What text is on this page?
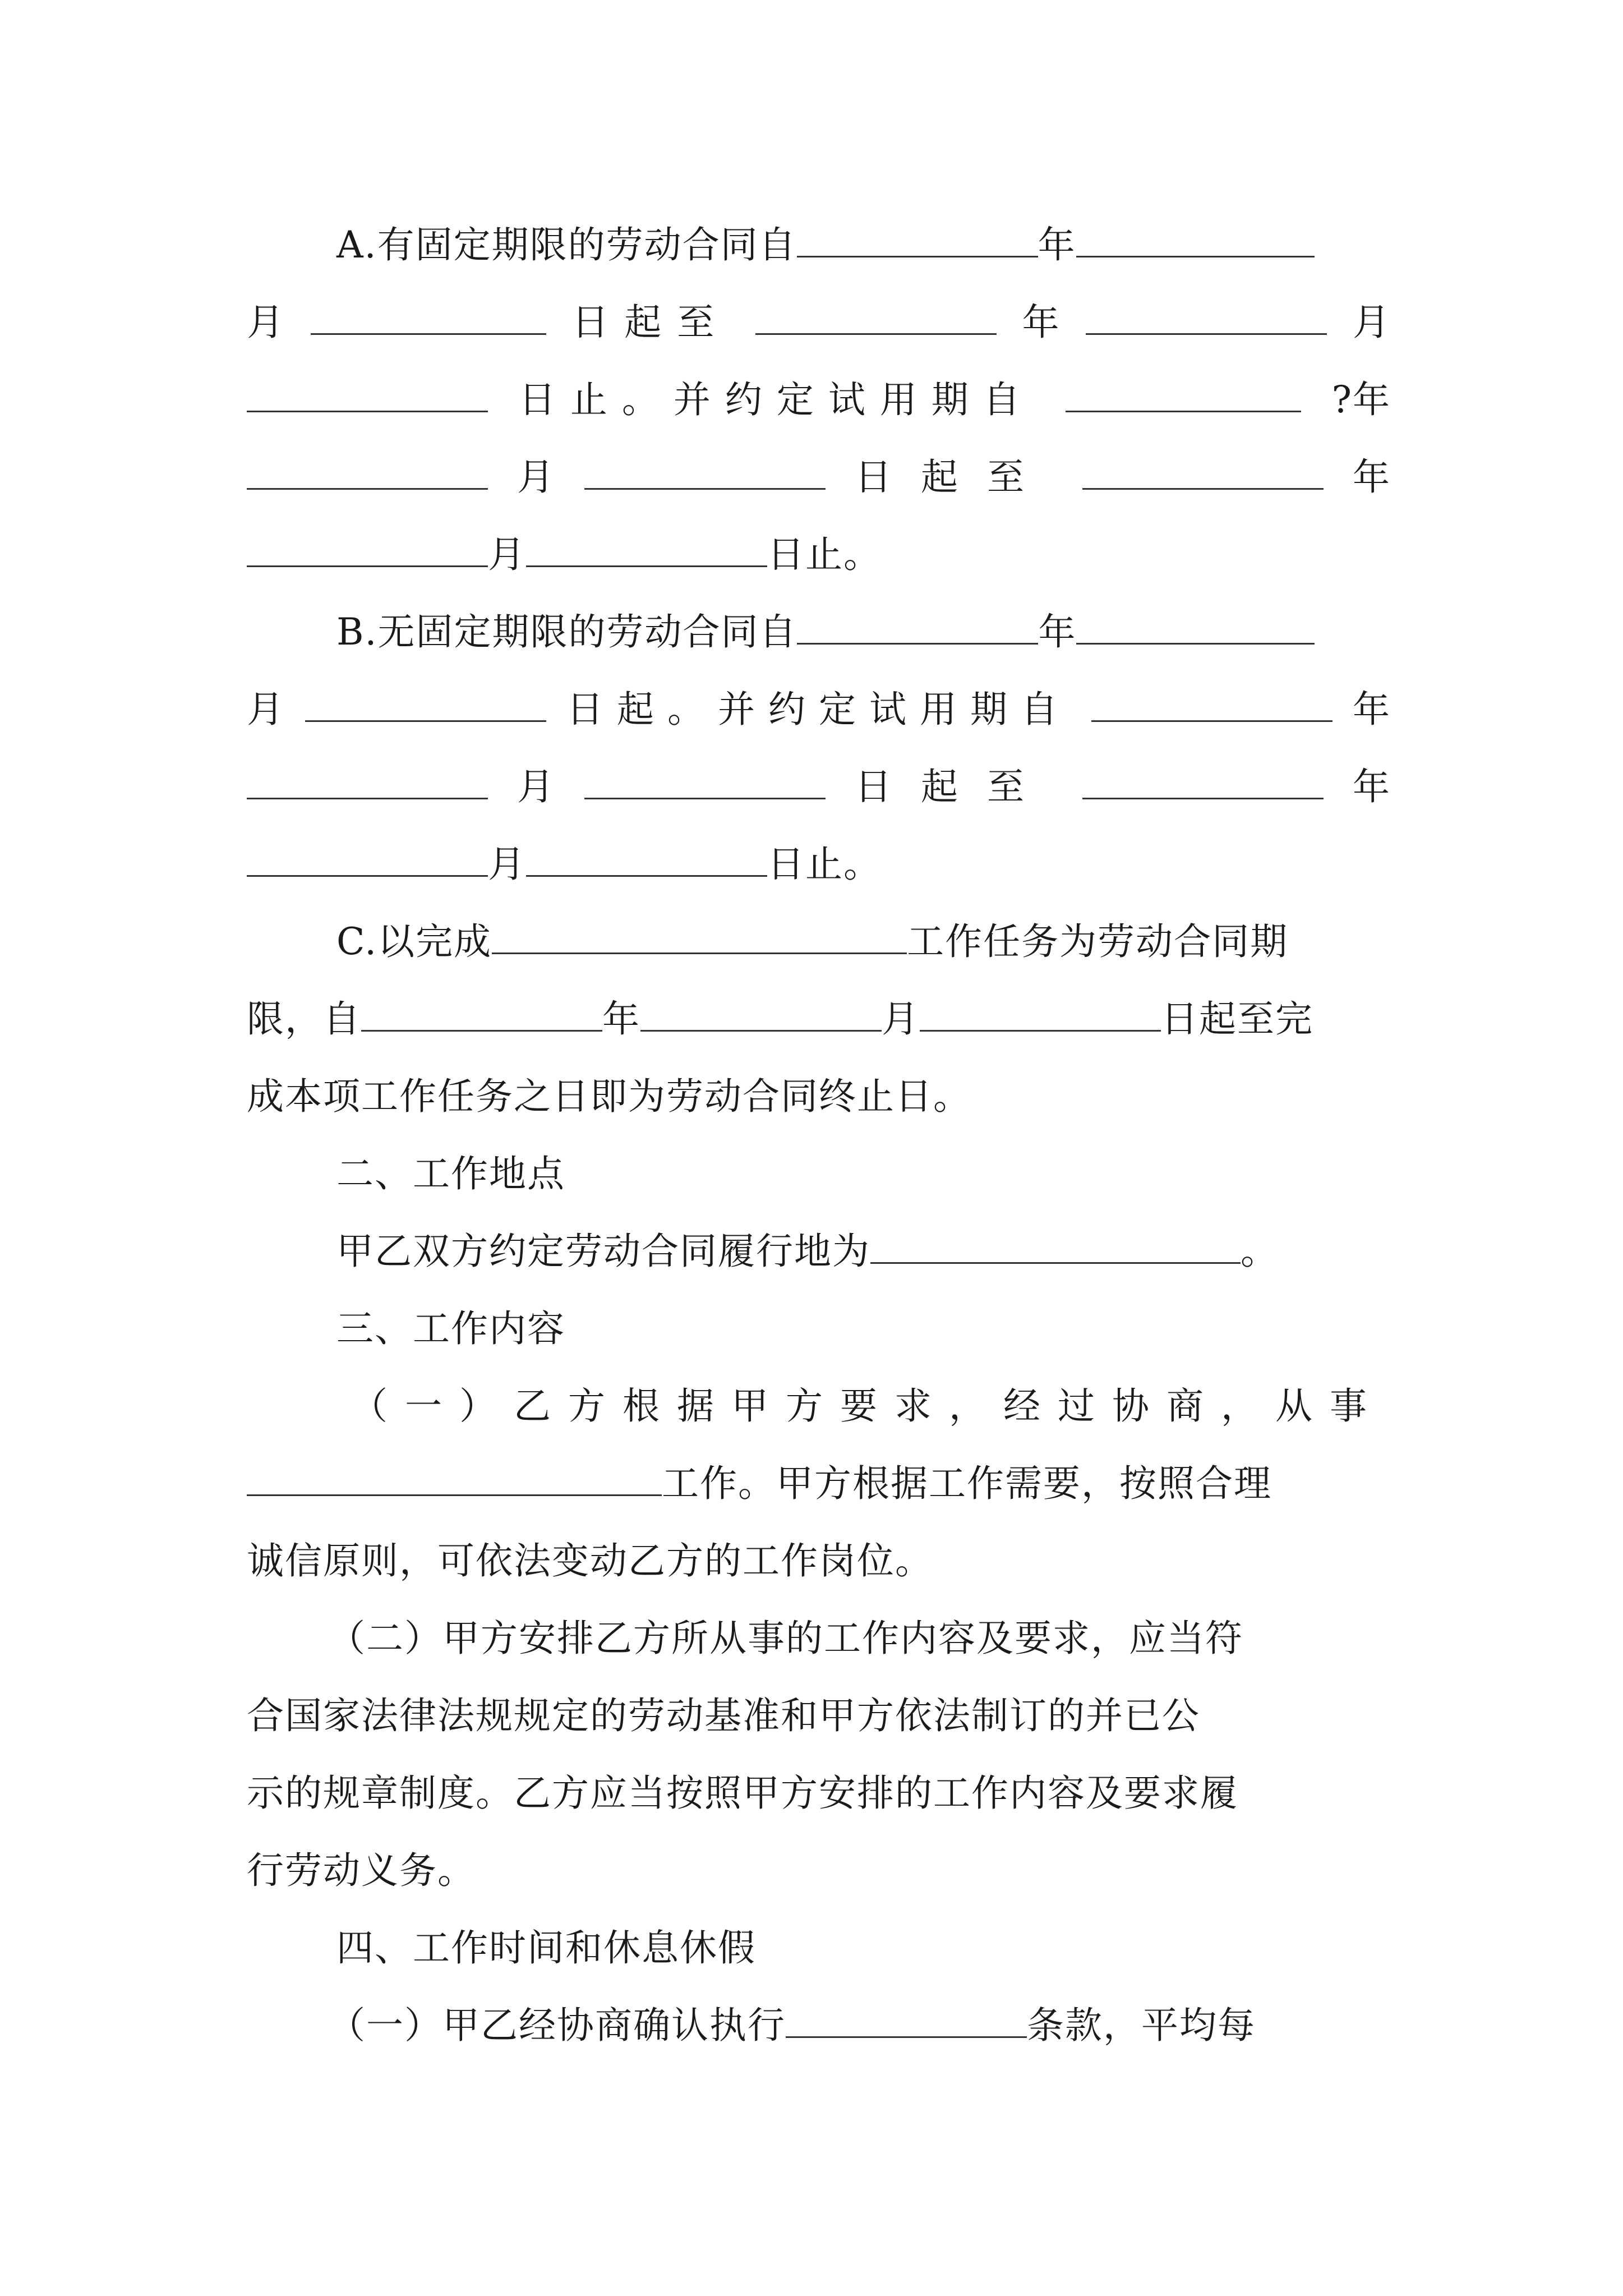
A.有固定期限的劳动合同自	年
月	日起至	年	月
日止。并约定试用期自	?年
月	日起至	年
月	日止。
B.无固定期限的劳动合同自	年
月	日起。并约定试用期自	年
月	日起至	年
月	日止。
C.以完成	工作任务为劳动合同期
限，自	年	月	日起至完
成本项工作任务之日即为劳动合同终止日。
二、工作地点
甲乙双方约定劳动合同履行地为	。
三、工作内容
（一）乙方根据甲方要求，经过协商，从事
工作。甲方根据工作需要，按照合理
诚信原则，可依法变动乙方的工作岗位。
（二）甲方安排乙方所从事的工作内容及要求，应当符
合国家法律法规规定的劳动基准和甲方依法制订的并已公
示的规章制度。乙方应当按照甲方安排的工作内容及要求履
行劳动义务。
四、工作时间和休息休假
（一）甲乙经协商确认执行	条款，平均每
